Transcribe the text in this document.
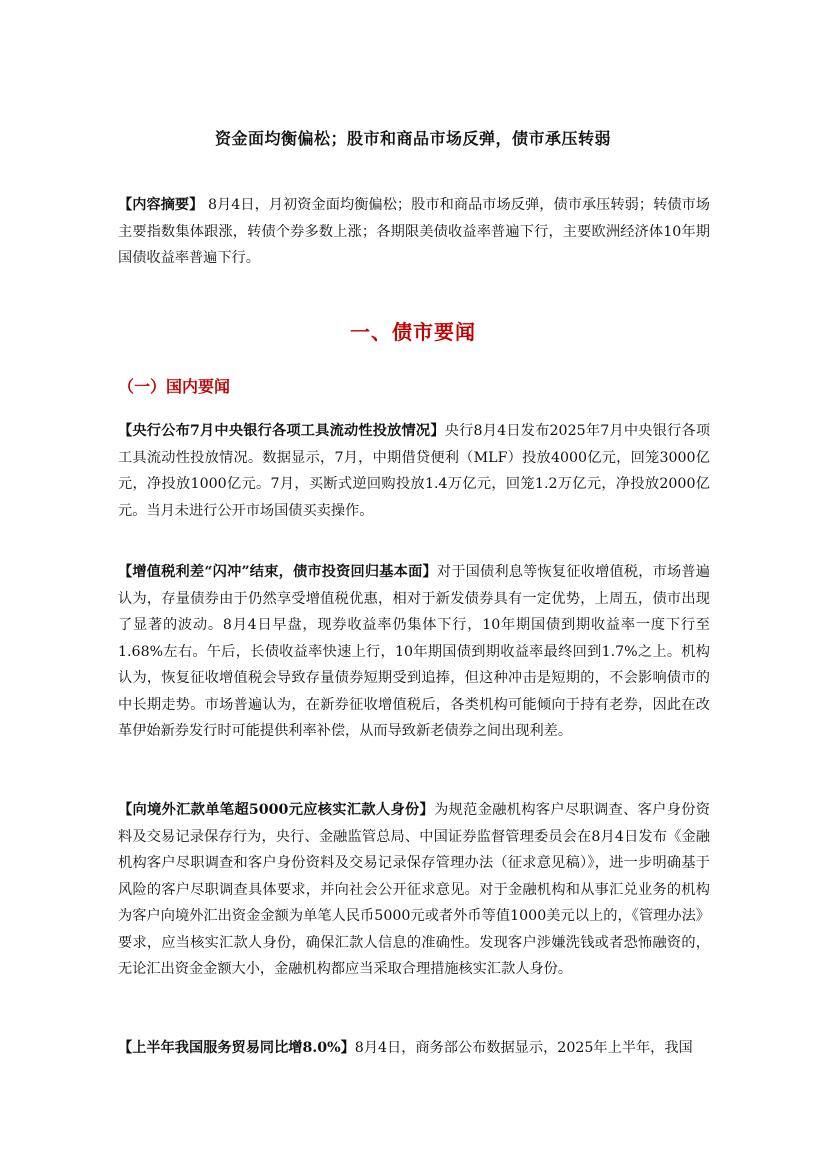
资金面均衡偏松；股市和商品市场反弹，债市承压转弱

【内容摘要】 8月4日，月初资金面均衡偏松；股市和商品市场反弹，债市承压转弱；转债市场主要指数集体跟涨，转债个券多数上涨；各期限美债收益率普遍下行，主要欧洲经济体10年期国债收益率普遍下行。

一、债市要闻
（一）国内要闻

【央行公布7月中央银行各项工具流动性投放情况】央行8月4日发布2025年7月中央银行各项工具流动性投放情况。数据显示，7月，中期借贷便利（MLF）投放4000亿元，回笼3000亿元，净投放1000亿元。7月，买断式逆回购投放1.4万亿元，回笼1.2万亿元，净投放2000亿元。当月未进行公开市场国债买卖操作。

【增值税利差“闪冲”结束，债市投资回归基本面】对于国债利息等恢复征收增值税，市场普遍认为，存量债券由于仍然享受增值税优惠，相对于新发债券具有一定优势，上周五，债市出现了显著的波动。8月4日早盘，现券收益率仍集体下行，10年期国债到期收益率一度下行至1.68%左右。午后，长债收益率快速上行，10年期国债到期收益率最终回到1.7%之上。机构认为，恢复征收增值税会导致存量债券短期受到追捧，但这种冲击是短期的，不会影响债市的中长期走势。市场普遍认为，在新券征收增值税后，各类机构可能倾向于持有老券，因此在改革伊始新券发行时可能提供利率补偿，从而导致新老债券之间出现利差。

【向境外汇款单笔超5000元应核实汇款人身份】为规范金融机构客户尽职调查、客户身份资料及交易记录保存行为，央行、金融监管总局、中国证券监督管理委员会在8月4日发布《金融机构客户尽职调查和客户身份资料及交易记录保存管理办法（征求意见稿）》，进一步明确基于风险的客户尽职调查具体要求，并向社会公开征求意见。对于金融机构和从事汇兑业务的机构为客户向境外汇出资金金额为单笔人民币5000元或者外币等值1000美元以上的，《管理办法》要求，应当核实汇款人身份，确保汇款人信息的准确性。发现客户涉嫌洗钱或者恐怖融资的，无论汇出资金金额大小，金融机构都应当采取合理措施核实汇款人身份。

【上半年我国服务贸易同比增8.0%】8月4日，商务部公布数据显示，2025年上半年，我国
